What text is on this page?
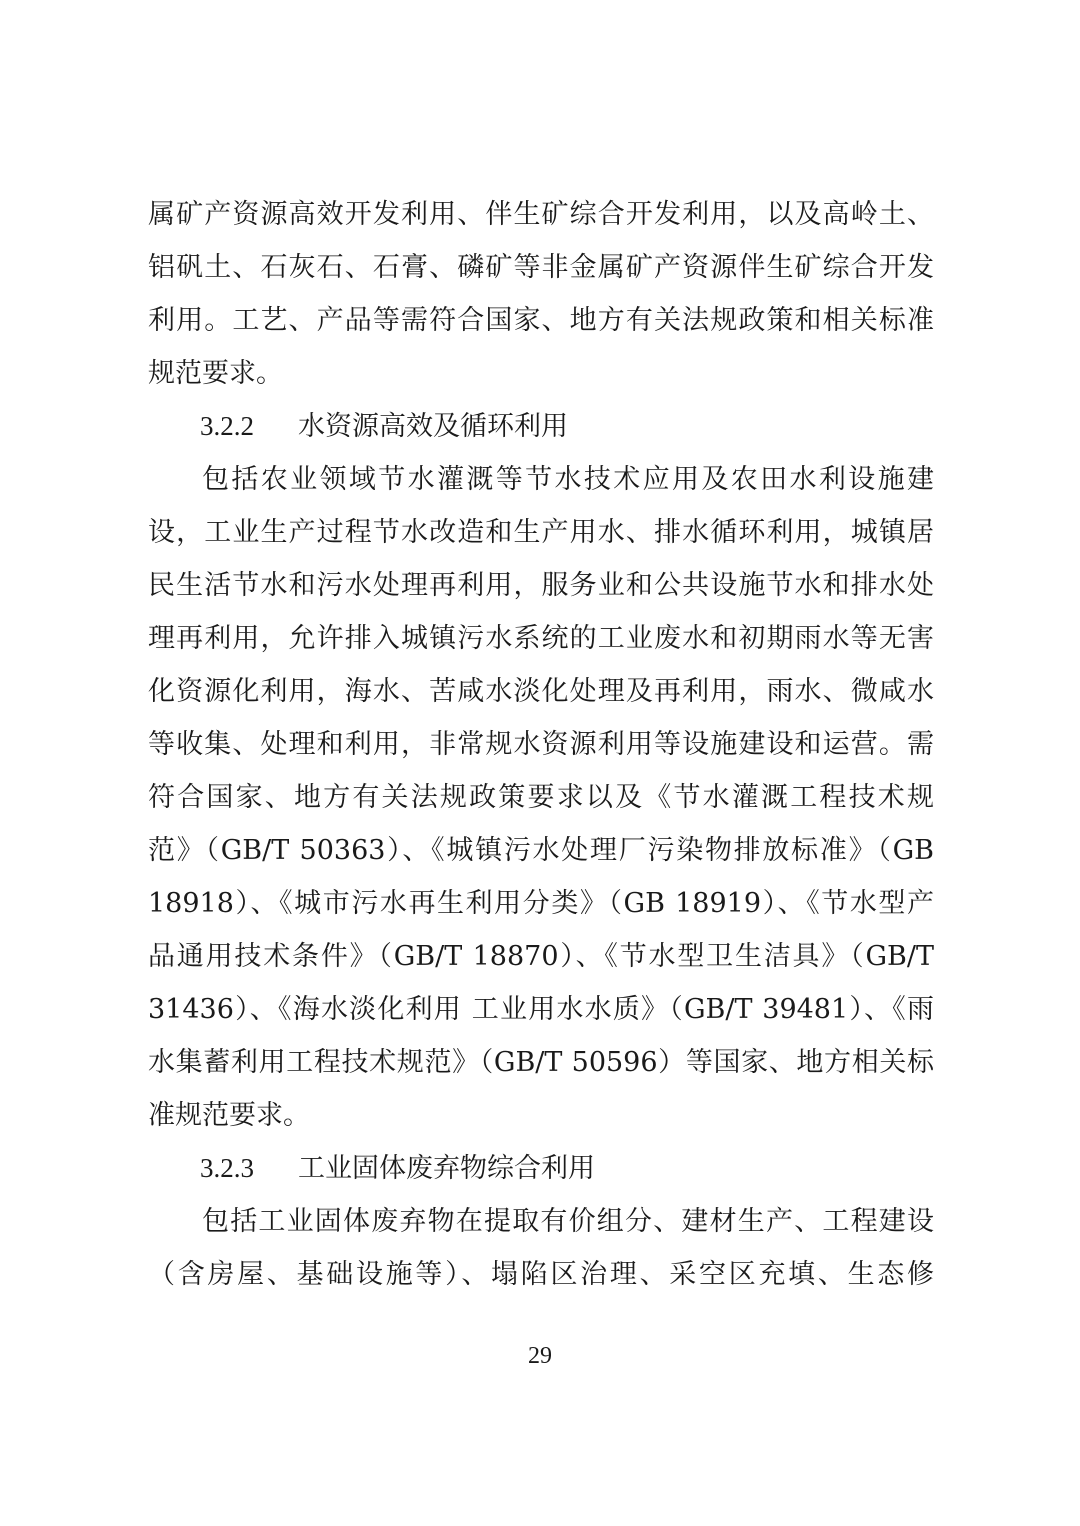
属矿产资源高效开发利用、伴生矿综合开发利用，以及高岭土、
铝矾土、石灰石、石膏、磷矿等非金属矿产资源伴生矿综合开发
利用。工艺、产品等需符合国家、地方有关法规政策和相关标准
规范要求。
3.2.2 水资源高效及循环利用
包括农业领域节水灌溉等节水技术应用及农田水利设施建
设，工业生产过程节水改造和生产用水、排水循环利用，城镇居
民生活节水和污水处理再利用，服务业和公共设施节水和排水处
理再利用，允许排入城镇污水系统的工业废水和初期雨水等无害
化资源化利用，海水、苦咸水淡化处理及再利用，雨水、微咸水
等收集、处理和利用，非常规水资源利用等设施建设和运营。需
符合国家、地方有关法规政策要求以及《节水灌溉工程技术规
范》（GB/T 50363）、《城镇污水处理厂污染物排放标准》（GB
18918）、《城市污水再生利用分类》（GB 18919）、《节水型产
品通用技术条件》（GB/T 18870）、《节水型卫生洁具》（GB/T
31436）、《海水淡化利用 工业用水水质》（GB/T 39481）、《雨
水集蓄利用工程技术规范》（GB/T 50596）等国家、地方相关标
准规范要求。
3.2.3 工业固体废弃物综合利用
包括工业固体废弃物在提取有价组分、建材生产、工程建设
（含房屋、基础设施等）、塌陷区治理、采空区充填、生态修
29
